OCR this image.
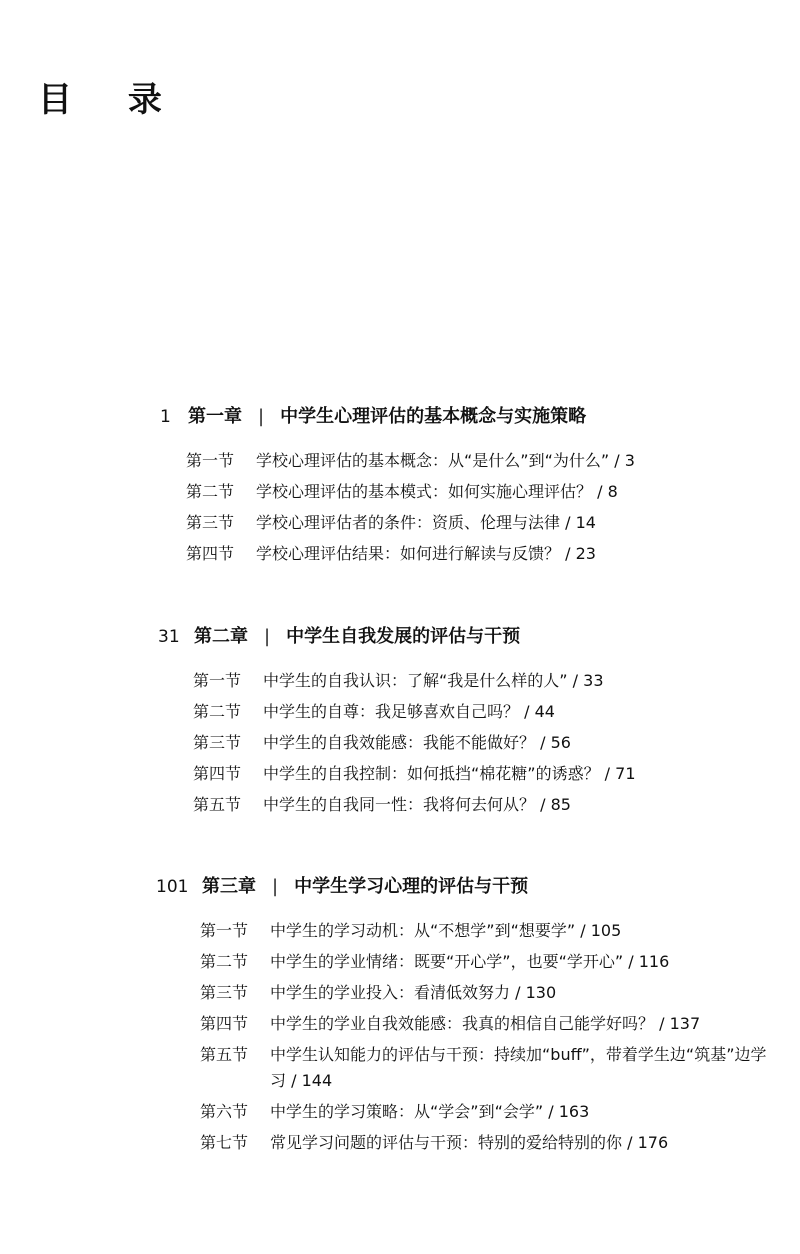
目 录
1 第一章 | 中学生心理评估的基本概念与实施策略
第一节	学校心理评估的基本概念：从“是什么”到“为什么” / 3
第二节	学校心理评估的基本模式：如何实施心理评估？ / 8
第三节	学校心理评估者的条件：资质、伦理与法律 / 14
第四节	学校心理评估结果：如何进行解读与反馈？ / 23
31 第二章 | 中学生自我发展的评估与干预
第一节	中学生的自我认识：了解“我是什么样的人” / 33
第二节	中学生的自尊：我足够喜欢自己吗？ / 44
第三节	中学生的自我效能感：我能不能做好？ / 56
第四节	中学生的自我控制：如何抵挡“棉花糖”的诱惑？ / 71
第五节	中学生的自我同一性：我将何去何从？ / 85
101 第三章 | 中学生学习心理的评估与干预
第一节	中学生的学习动机：从“不想学”到“想要学” / 105
第二节	中学生的学业情绪：既要“开心学”，也要“学开心” / 116
第三节	中学生的学业投入：看清低效努力 / 130
第四节	中学生的学业自我效能感：我真的相信自己能学好吗？ / 137
第五节	中学生认知能力的评估与干预：持续加“buff”，带着学生边“筑基”边学习 / 144
第六节	中学生的学习策略：从“学会”到“会学” / 163
第七节	常见学习问题的评估与干预：特别的爱给特别的你 / 176
